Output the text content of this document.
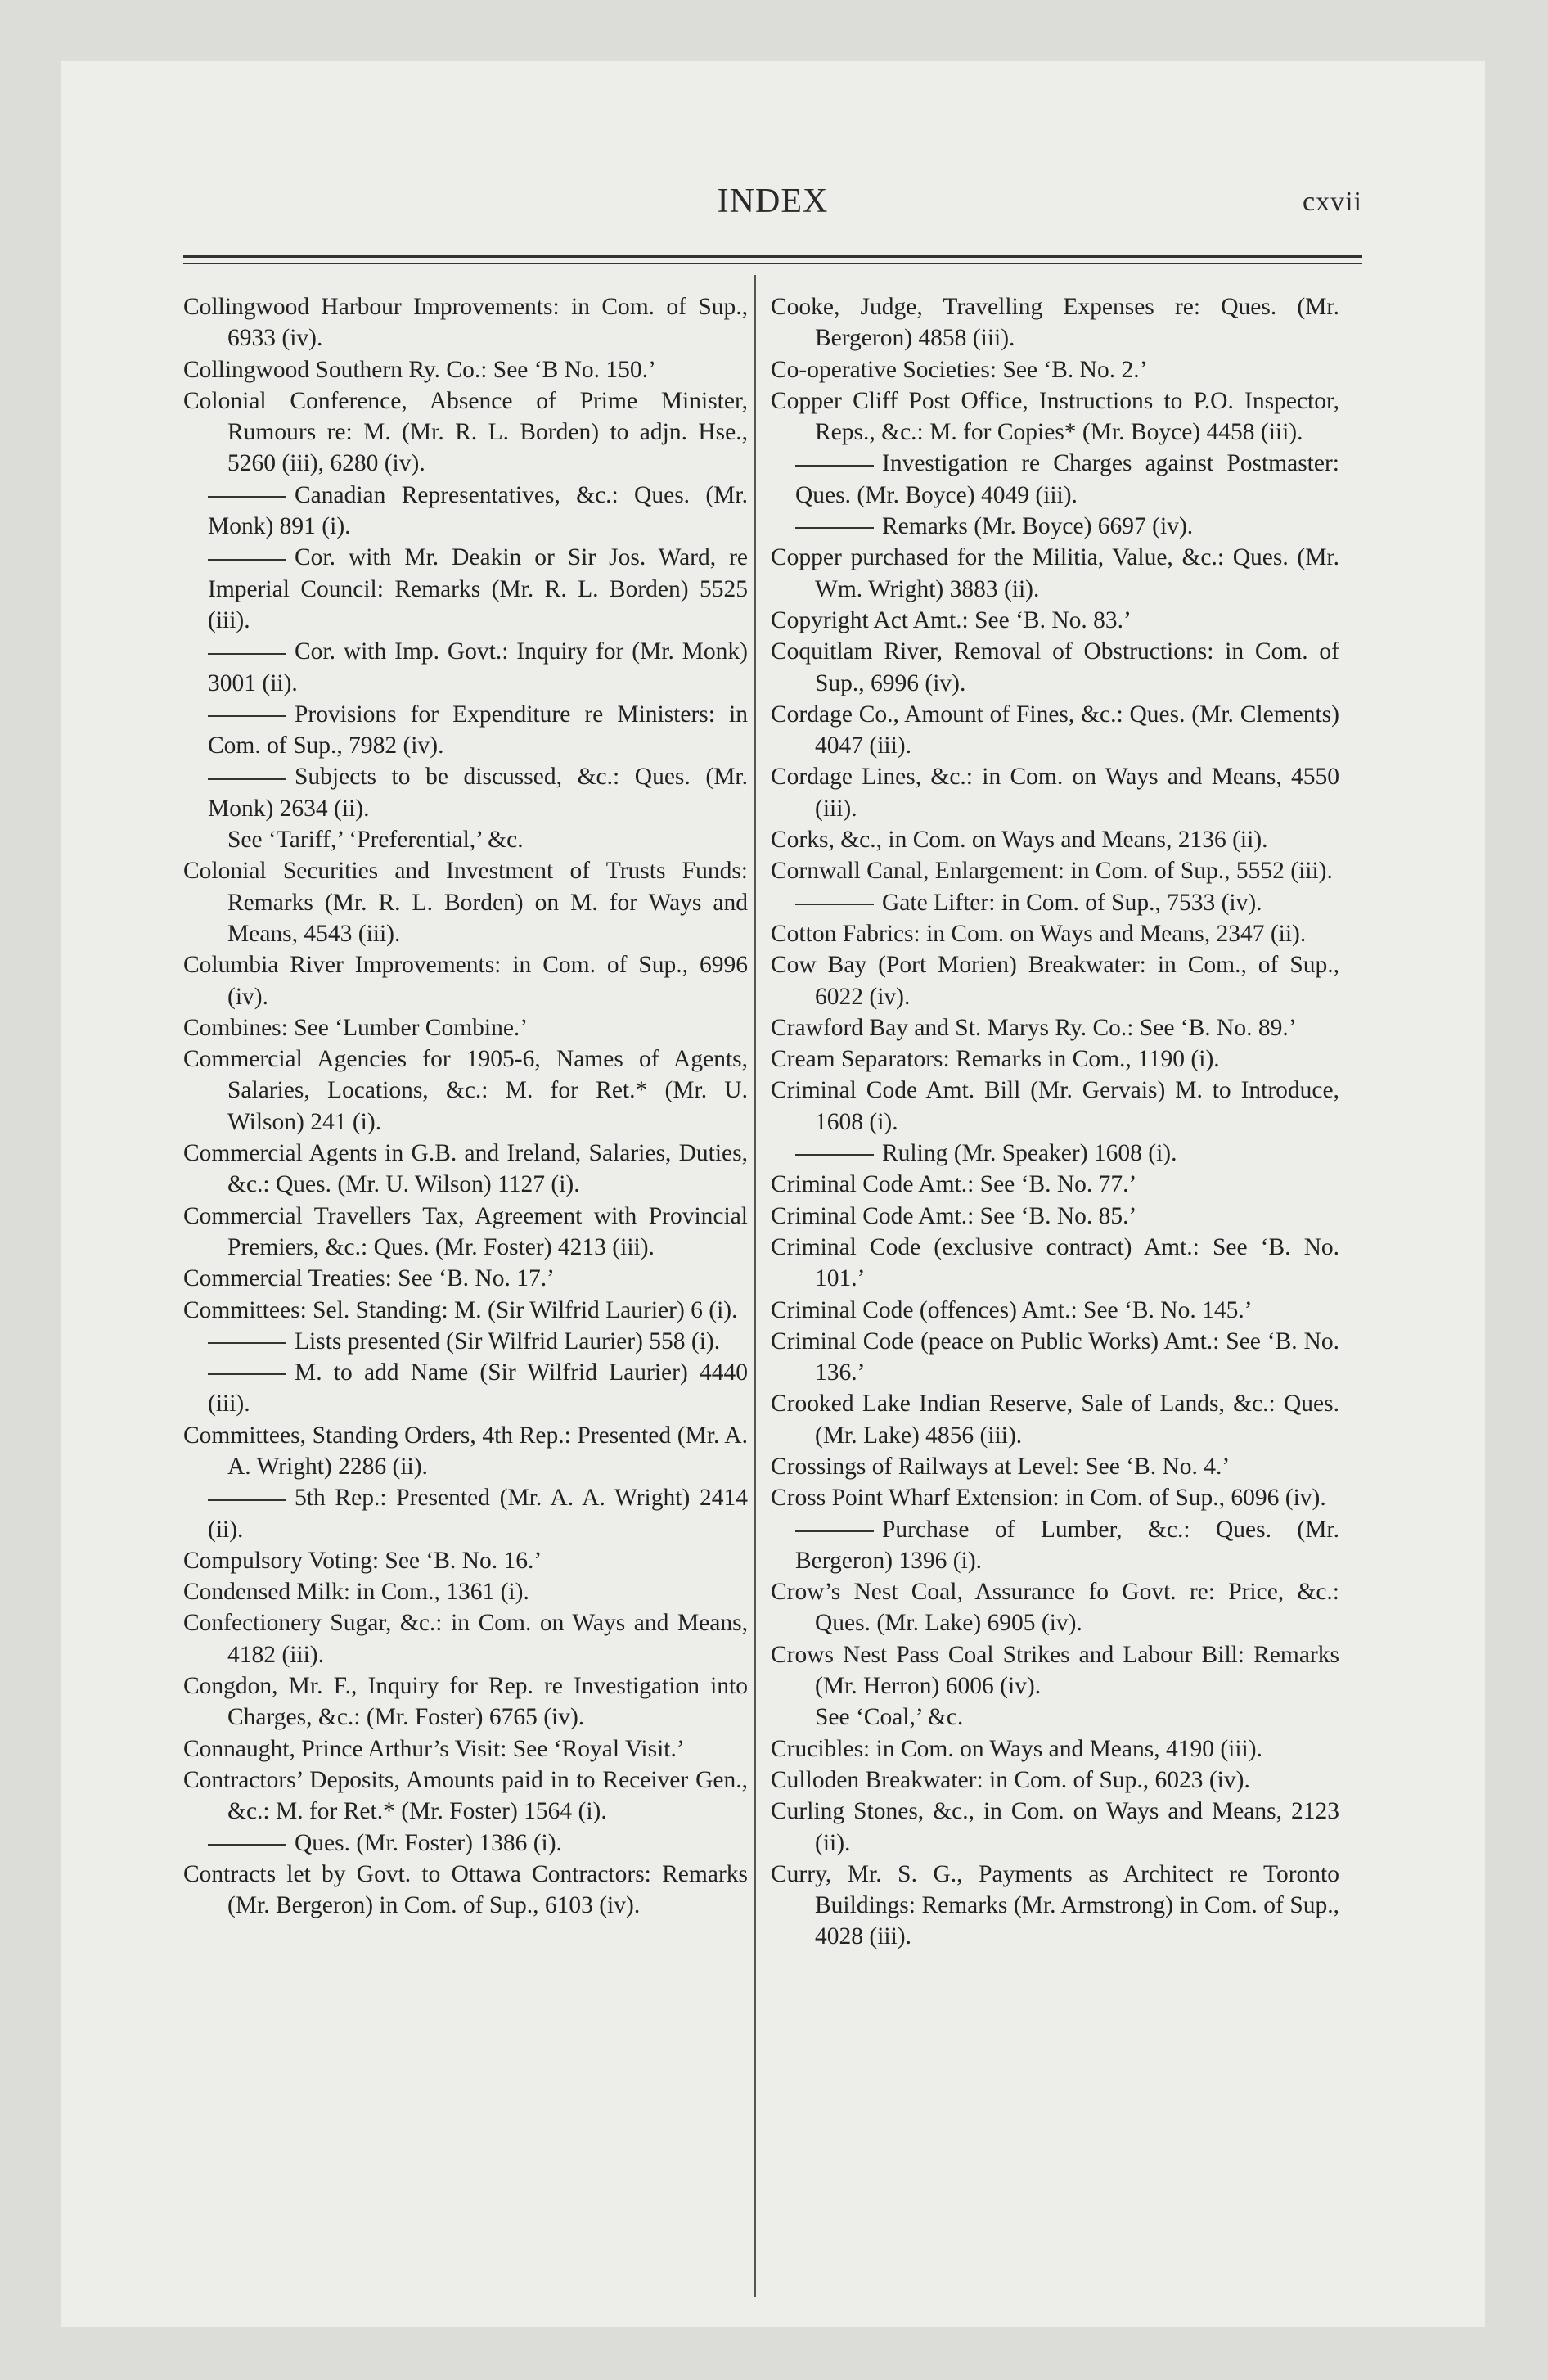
INDEX	cxvii

Collingwood Harbour Improvements: in Com. of Sup., 6933 (iv).

Collingwood Southern Ry. Co.: See ‘B No. 150.’

Colonial Conference, Absence of Prime Minister, Rumours re: M. (Mr. R. L. Borden) to adjn. Hse., 5260 (iii), 6280 (iv).

Canadian Representatives, &c.: Ques. (Mr. Monk) 891 (i).

Cor. with Mr. Deakin or Sir Jos. Ward, re Imperial Council: Remarks (Mr. R. L. Borden) 5525 (iii).

Cor. with Imp. Govt.: Inquiry for (Mr. Monk) 3001 (ii).

Provisions for Expenditure re Ministers: in Com. of Sup., 7982 (iv).

Subjects to be discussed, &c.: Ques. (Mr. Monk) 2634 (ii).

See ‘Tariff,’ ‘Preferential,’ &c.

Colonial Securities and Investment of Trusts Funds: Remarks (Mr. R. L. Borden) on M. for Ways and Means, 4543 (iii).

Columbia River Improvements: in Com. of Sup., 6996 (iv).

Combines: See ‘Lumber Combine.’

Commercial Agencies for 1905-6, Names of Agents, Salaries, Locations, &c.: M. for Ret.* (Mr. U. Wilson) 241 (i).

Commercial Agents in G.B. and Ireland, Salaries, Duties, &c.: Ques. (Mr. U. Wilson) 1127 (i).

Commercial Travellers Tax, Agreement with Provincial Premiers, &c.: Ques. (Mr. Foster) 4213 (iii).

Commercial Treaties: See ‘B. No. 17.’

Committees: Sel. Standing: M. (Sir Wilfrid Laurier) 6 (i).

Lists presented (Sir Wilfrid Laurier) 558 (i).

M. to add Name (Sir Wilfrid Laurier) 4440 (iii).

Committees, Standing Orders, 4th Rep.: Presented (Mr. A. A. Wright) 2286 (ii).

5th Rep.: Presented (Mr. A. A. Wright) 2414 (ii).

Compulsory Voting: See ‘B. No. 16.’

Condensed Milk: in Com., 1361 (i).

Confectionery Sugar, &c.: in Com. on Ways and Means, 4182 (iii).

Congdon, Mr. F., Inquiry for Rep. re Investigation into Charges, &c.: (Mr. Foster) 6765 (iv).

Connaught, Prince Arthur’s Visit: See ‘Royal Visit.’

Contractors’ Deposits, Amounts paid in to Receiver Gen., &c.: M. for Ret.* (Mr. Foster) 1564 (i).

Ques. (Mr. Foster) 1386 (i).

Contracts let by Govt. to Ottawa Contractors: Remarks (Mr. Bergeron) in Com. of Sup., 6103 (iv).

Cooke, Judge, Travelling Expenses re: Ques. (Mr. Bergeron) 4858 (iii).

Co-operative Societies: See ‘B. No. 2.’

Copper Cliff Post Office, Instructions to P.O. Inspector, Reps., &c.: M. for Copies* (Mr. Boyce) 4458 (iii).

Investigation re Charges against Postmaster: Ques. (Mr. Boyce) 4049 (iii).

Remarks (Mr. Boyce) 6697 (iv).

Copper purchased for the Militia, Value, &c.: Ques. (Mr. Wm. Wright) 3883 (ii).

Copyright Act Amt.: See ‘B. No. 83.’

Coquitlam River, Removal of Obstructions: in Com. of Sup., 6996 (iv).

Cordage Co., Amount of Fines, &c.: Ques. (Mr. Clements) 4047 (iii).

Cordage Lines, &c.: in Com. on Ways and Means, 4550 (iii).

Corks, &c., in Com. on Ways and Means, 2136 (ii).

Cornwall Canal, Enlargement: in Com. of Sup., 5552 (iii).

Gate Lifter: in Com. of Sup., 7533 (iv).

Cotton Fabrics: in Com. on Ways and Means, 2347 (ii).

Cow Bay (Port Morien) Breakwater: in Com., of Sup., 6022 (iv).

Crawford Bay and St. Marys Ry. Co.: See ‘B. No. 89.’

Cream Separators: Remarks in Com., 1190 (i).

Criminal Code Amt. Bill (Mr. Gervais) M. to Introduce, 1608 (i).

Ruling (Mr. Speaker) 1608 (i).

Criminal Code Amt.: See ‘B. No. 77.’

Criminal Code Amt.: See ‘B. No. 85.’

Criminal Code (exclusive contract) Amt.: See ‘B. No. 101.’

Criminal Code (offences) Amt.: See ‘B. No. 145.’

Criminal Code (peace on Public Works) Amt.: See ‘B. No. 136.’

Crooked Lake Indian Reserve, Sale of Lands, &c.: Ques. (Mr. Lake) 4856 (iii).

Crossings of Railways at Level: See ‘B. No. 4.’

Cross Point Wharf Extension: in Com. of Sup., 6096 (iv).

Purchase of Lumber, &c.: Ques. (Mr. Bergeron) 1396 (i).

Crow’s Nest Coal, Assurance fo Govt. re: Price, &c.: Ques. (Mr. Lake) 6905 (iv).

Crows Nest Pass Coal Strikes and Labour Bill: Remarks (Mr. Herron) 6006 (iv).

See ‘Coal,’ &c.

Crucibles: in Com. on Ways and Means, 4190 (iii).

Culloden Breakwater: in Com. of Sup., 6023 (iv).

Curling Stones, &c., in Com. on Ways and Means, 2123 (ii).

Curry, Mr. S. G., Payments as Architect re Toronto Buildings: Remarks (Mr. Armstrong) in Com. of Sup., 4028 (iii).
